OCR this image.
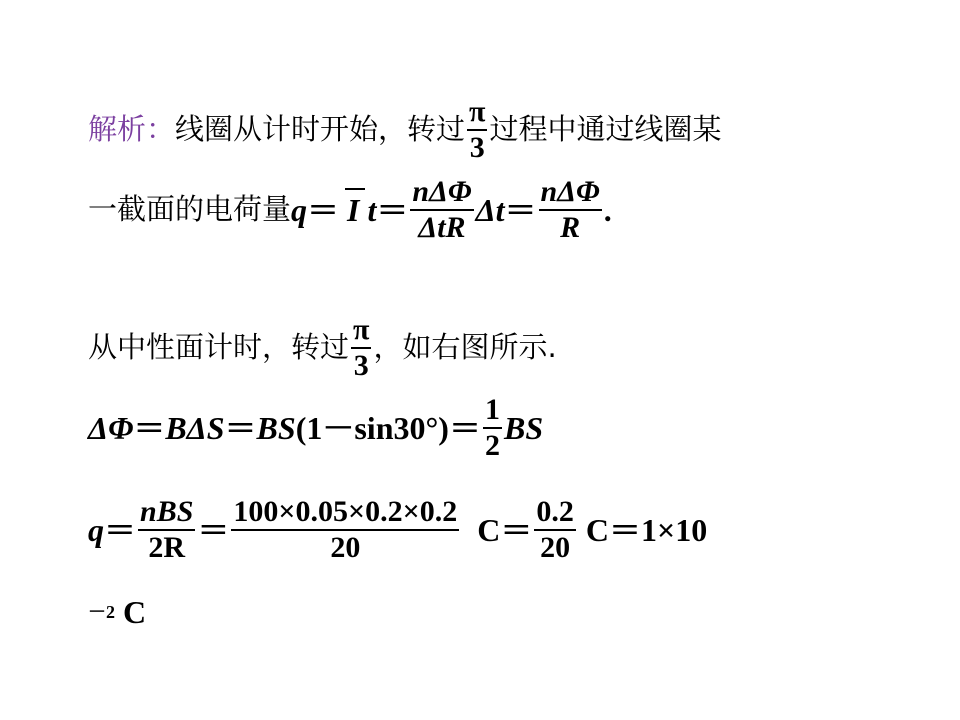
解析： 线圈从计时开始，转过 $\frac{\pi}{3}$ 过程中通过线圈某
一截面的电荷量 q ＝ I $t = \frac{\text{nΔΦ}}{\text{ΔtR}}$ $\Delta t = \frac{\text{nΔΦ}}{R}$ .
从中性面计时，转过 $\frac{\pi}{3}$ ，如右图所示.
ΔΦ ＝ BΔS ＝ BS $(1-\sin 30^\circ) = \frac{1}{2}$ BS
$q = \frac{\text{nBS}}{2R} = \frac{100\times 0.05\times 0.2\times 0.2}{20}$ $C = \frac{0.2}{20}$ C ＝ 1×10
－2 C
